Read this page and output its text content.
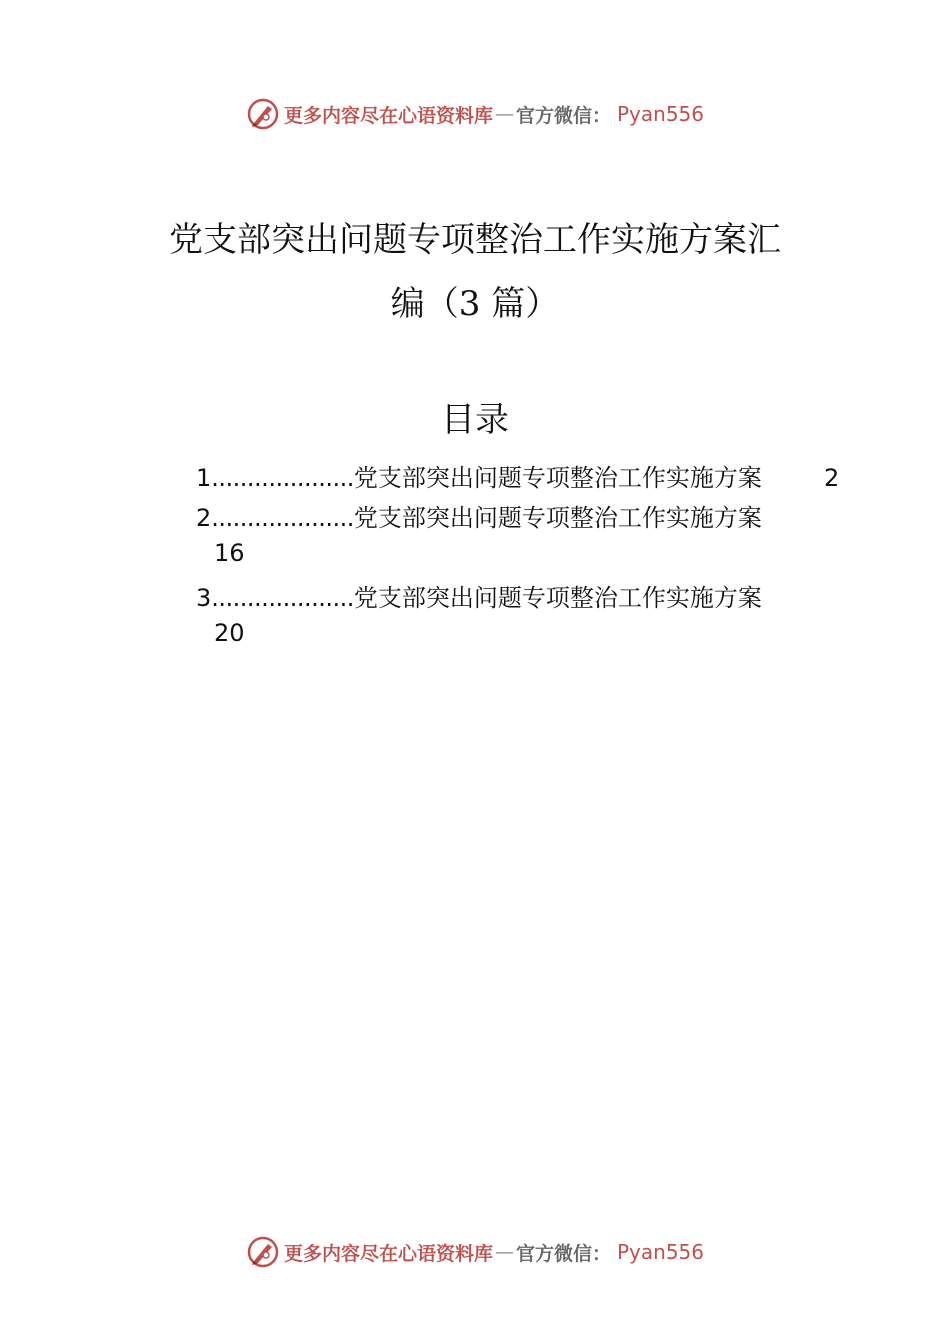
更多内容尽在心语资料库 — 官方微信： Pyan556
党支部突出问题专项整治工作实施方案汇
编（3 篇）
目录
1....................党支部突出问题专项整治工作实施方案	2
2....................党支部突出问题专项整治工作实施方案
16
3....................党支部突出问题专项整治工作实施方案
20
更多内容尽在心语资料库 — 官方微信： Pyan556
